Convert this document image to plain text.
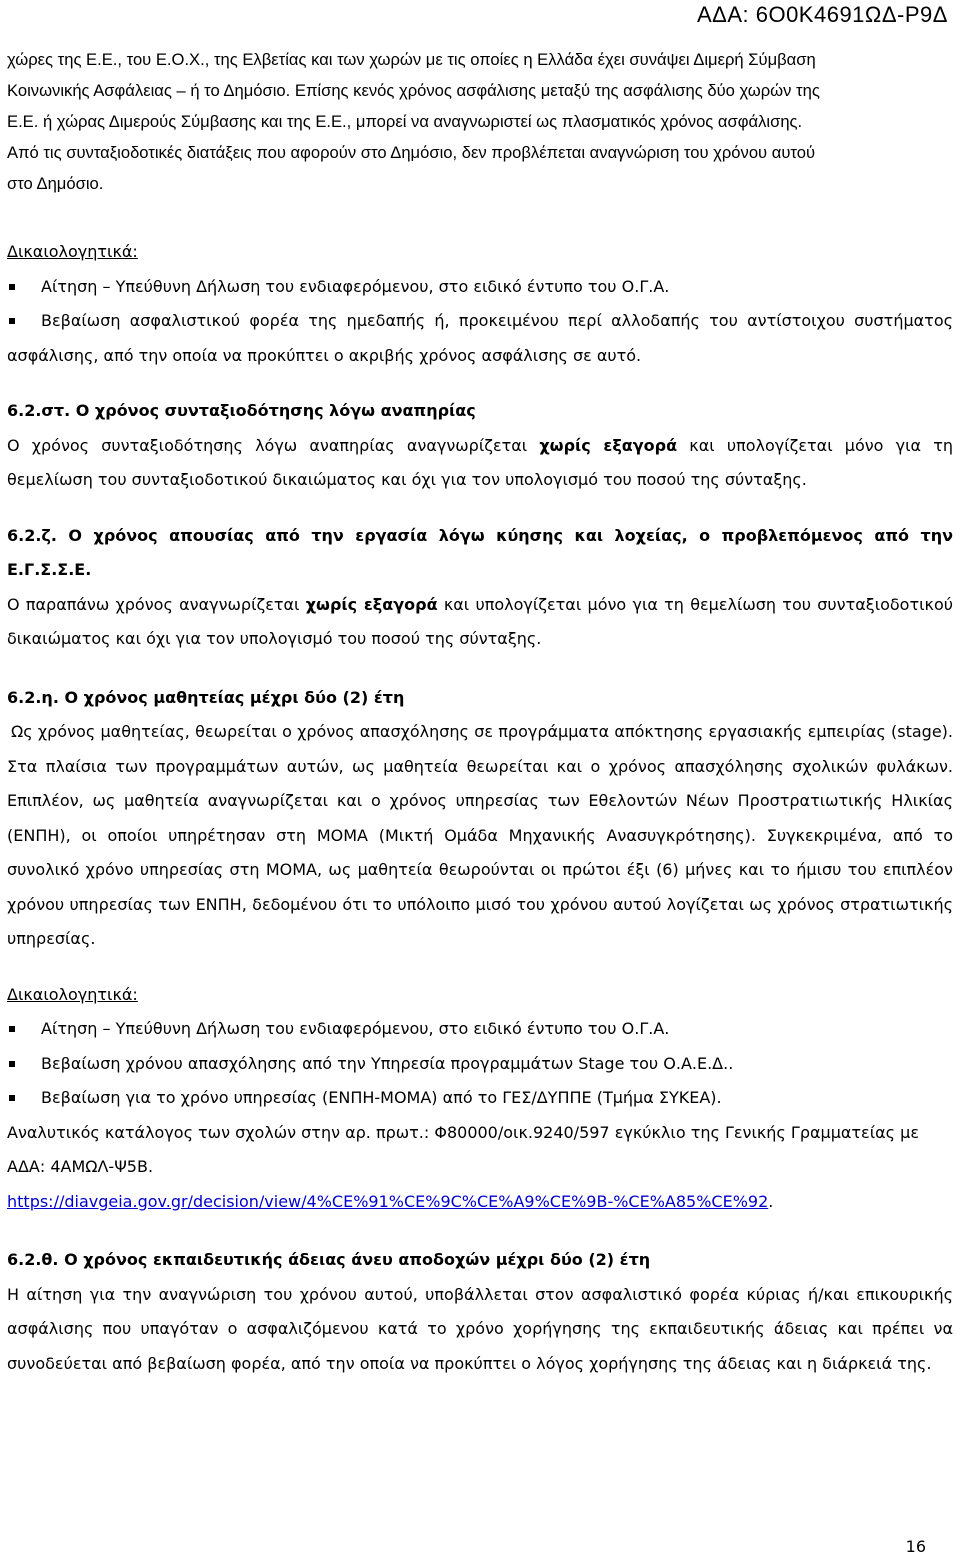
ΑΔΑ: 6Ο0Κ4691ΩΔ-Ρ9Δ

χώρες της Ε.Ε., του Ε.Ο.Χ., της Ελβετίας και των χωρών με τις οποίες η Ελλάδα έχει συνάψει Διμερή Σύμβαση

Κοινωνικής Ασφάλειας – ή το Δημόσιο. Επίσης κενός χρόνος ασφάλισης μεταξύ της ασφάλισης δύο χωρών της

Ε.Ε. ή χώρας Διμερούς Σύμβασης και της Ε.Ε., μπορεί να αναγνωριστεί ως πλασματικός χρόνος ασφάλισης.

Από τις συνταξιοδοτικές διατάξεις που αφορούν στο Δημόσιο, δεν προβλέπεται αναγνώριση του χρόνου αυτού

στο Δημόσιο.

Δικαιολογητικά:

Αίτηση – Υπεύθυνη Δήλωση του ενδιαφερόμενου, στο ειδικό έντυπο του Ο.Γ.Α.
Βεβαίωση ασφαλιστικού φορέα της ημεδαπής ή, προκειμένου περί αλλοδαπής του αντίστοιχου συστήματος ασφάλισης, από την οποία να προκύπτει ο ακριβής χρόνος ασφάλισης σε αυτό.

6.2.στ. Ο χρόνος συνταξιοδότησης λόγω αναπηρίας

Ο χρόνος συνταξιοδότησης λόγω αναπηρίας αναγνωρίζεται χωρίς εξαγορά και υπολογίζεται μόνο για τη θεμελίωση του συνταξιοδοτικού δικαιώματος και όχι για τον υπολογισμό του ποσού της σύνταξης.

6.2.ζ. Ο χρόνος απουσίας από την εργασία λόγω κύησης και λοχείας, ο προβλεπόμενος από την Ε.Γ.Σ.Σ.Ε.

Ο παραπάνω χρόνος αναγνωρίζεται χωρίς εξαγορά και υπολογίζεται μόνο για τη θεμελίωση του συνταξιοδοτικού δικαιώματος και όχι για τον υπολογισμό του ποσού της σύνταξης.

6.2.η. Ο χρόνος μαθητείας μέχρι δύο (2) έτη

Ως χρόνος μαθητείας, θεωρείται ο χρόνος απασχόλησης σε προγράμματα απόκτησης εργασιακής εμπειρίας (stage). Στα πλαίσια των προγραμμάτων αυτών, ως μαθητεία θεωρείται και ο χρόνος απασχόλησης σχολικών φυλάκων. Επιπλέον, ως μαθητεία αναγνωρίζεται και ο χρόνος υπηρεσίας των Εθελοντών Νέων Προστρατιωτικής Ηλικίας (ΕΝΠΗ), οι οποίοι υπηρέτησαν στη ΜΟΜΑ (Μικτή Ομάδα Μηχανικής Ανασυγκρότησης). Συγκεκριμένα, από το συνολικό χρόνο υπηρεσίας στη ΜΟΜΑ, ως μαθητεία θεωρούνται οι πρώτοι έξι (6) μήνες και το ήμισυ του επιπλέον χρόνου υπηρεσίας των ΕΝΠΗ, δεδομένου ότι το υπόλοιπο μισό του χρόνου αυτού λογίζεται ως χρόνος στρατιωτικής υπηρεσίας.

Δικαιολογητικά:

Αίτηση – Υπεύθυνη Δήλωση του ενδιαφερόμενου, στο ειδικό έντυπο του Ο.Γ.Α.
Βεβαίωση χρόνου απασχόλησης από την Υπηρεσία προγραμμάτων Stage του Ο.Α.Ε.Δ..
Βεβαίωση για το χρόνο υπηρεσίας (ΕΝΠΗ-ΜΟΜΑ) από το ΓΕΣ/ΔΥΠΠΕ (Τμήμα ΣΥΚΕΑ).

Αναλυτικός κατάλογος των σχολών στην αρ. πρωτ.: Φ80000/οικ.9240/597 εγκύκλιο της Γενικής Γραμματείας με ΑΔΑ: 4ΑΜΩΛ-Ψ5Β.

https://diavgeia.gov.gr/decision/view/4%CE%91%CE%9C%CE%A9%CE%9B-%CE%A85%CE%92.

6.2.θ. Ο χρόνος εκπαιδευτικής άδειας άνευ αποδοχών μέχρι δύο (2) έτη

Η αίτηση για την αναγνώριση του χρόνου αυτού, υποβάλλεται στον ασφαλιστικό φορέα κύριας ή/και επικουρικής ασφάλισης που υπαγόταν ο ασφαλιζόμενου κατά το χρόνο χορήγησης της εκπαιδευτικής άδειας και πρέπει να συνοδεύεται από βεβαίωση φορέα, από την οποία να προκύπτει ο λόγος χορήγησης της άδειας και η διάρκειά της.

16
